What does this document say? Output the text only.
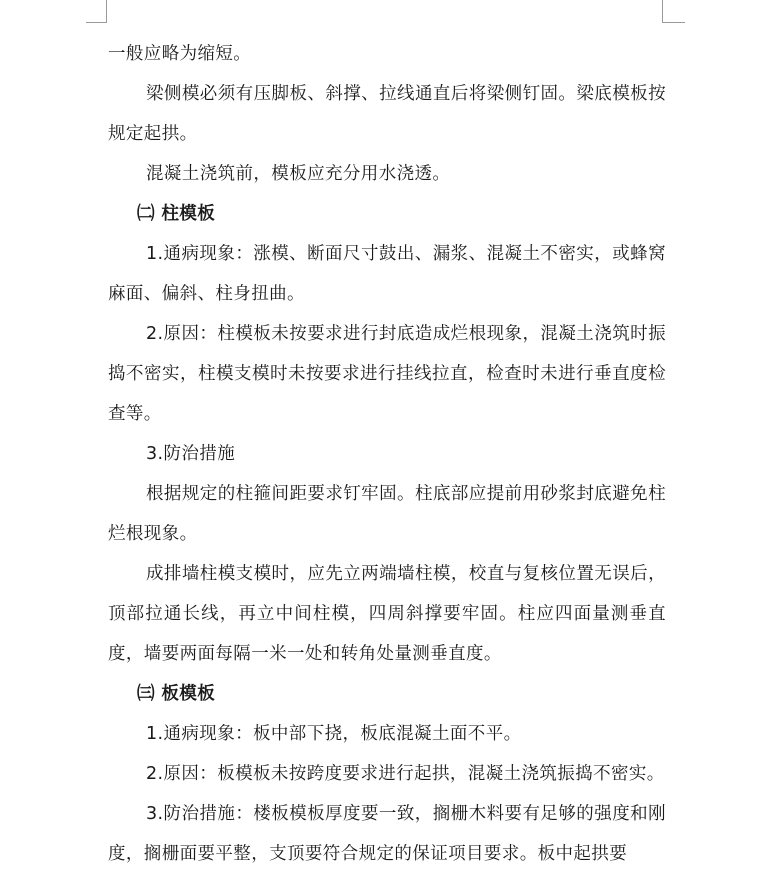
一般应略为缩短。

梁侧模必须有压脚板、斜撑、拉线通直后将梁侧钉固。梁底模板按规定起拱。

混凝土浇筑前，模板应充分用水浇透。

㈡ 柱模板

1.通病现象：涨模、断面尺寸鼓出、漏浆、混凝土不密实，或蜂窝麻面、偏斜、柱身扭曲。

2.原因：柱模板未按要求进行封底造成烂根现象，混凝土浇筑时振捣不密实，柱模支模时未按要求进行挂线拉直，检查时未进行垂直度检查等。

3.防治措施

根据规定的柱箍间距要求钉牢固。柱底部应提前用砂浆封底避免柱烂根现象。

成排墙柱模支模时，应先立两端墙柱模，校直与复核位置无误后，顶部拉通长线，再立中间柱模，四周斜撑要牢固。柱应四面量测垂直度，墙要两面每隔一米一处和转角处量测垂直度。

㈢ 板模板

1.通病现象：板中部下挠，板底混凝土面不平。

2.原因：板模板未按跨度要求进行起拱，混凝土浇筑振捣不密实。

3.防治措施：楼板模板厚度要一致，搁栅木料要有足够的强度和刚度，搁栅面要平整，支顶要符合规定的保证项目要求。板中起拱要
